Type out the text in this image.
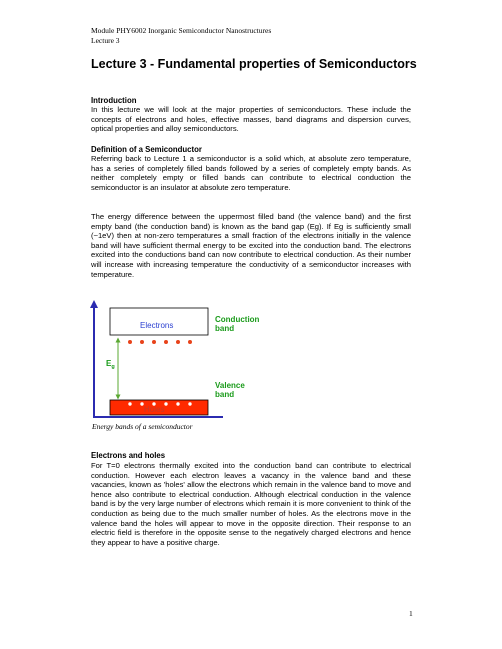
Module PHY6002 Inorganic Semiconductor Nanostructures
Lecture 3
Lecture 3 - Fundamental properties of Semiconductors
Introduction

In this lecture we will look at the major properties of semiconductors. These include the concepts of electrons and holes, effective masses, band diagrams and dispersion curves, optical properties and alloy semiconductors.

Definition of a Semiconductor

Referring back to Lecture 1 a semiconductor is a solid which, at absolute zero temperature, has a series of completely filled bands followed by a series of completely empty bands. As neither completely empty or filled bands can contribute to electrical conduction the semiconductor is an insulator at absolute zero temperature.

The energy difference between the uppermost filled band (the valence band) and the first empty band (the conduction band) is known as the band gap (Eg). If Eg is sufficiently small (~1eV) then at non-zero temperatures a small fraction of the electrons initially in the valence band will have sufficient thermal energy to be excited into the conduction band. The electrons excited into the conductions band can now contribute to electrical conduction. As their number will increase with increasing temperature the conductivity of a semiconductor increases with temperature.

Electrons
Holes
$E_g$
Conduction band
Valence band
Energy bands of a semiconductor
Electrons and holes

For T=0 electrons thermally excited into the conduction band can contribute to electrical conduction. However each electron leaves a vacancy in the valence band and these vacancies, known as 'holes' allow the electrons which remain in the valence band to move and hence also contribute to electrical conduction. Although electrical conduction in the valence band is by the very large number of electrons which remain it is more convenient to think of the conduction as being due to the much smaller number of holes. As the electrons move in the valence band the holes will appear to move in the opposite direction. Their response to an electric field is therefore in the opposite sense to the negatively charged electrons and hence they appear to have a positive charge.

1
